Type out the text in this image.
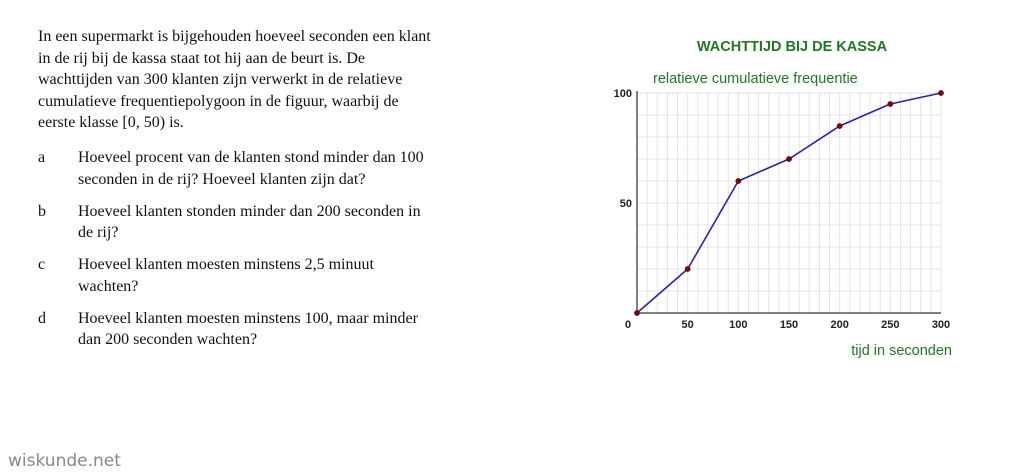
In een supermarkt is bijgehouden hoeveel seconden een klant in de rij bij de kassa staat tot hij aan de beurt is. De wachttijden van 300 klanten zijn verwerkt in de relatieve cumulatieve frequentiepolygoon in de figuur, waarbij de eerste klasse [0, 50) is.
a	Hoeveel procent van de klanten stond minder dan 100 seconden in de rij? Hoeveel klanten zijn dat?
b	Hoeveel klanten stonden minder dan 200 seconden in de rij?
c	Hoeveel klanten moesten minstens 2,5 minuut wachten?
d	Hoeveel klanten moesten minstens 100, maar minder dan 200 seconden wachten?
0	50	100	150	200	250	300
50
100
WACHTTIJD BIJ DE KASSA
relatieve cumulatieve frequentie
tijd in seconden
wiskunde.net
